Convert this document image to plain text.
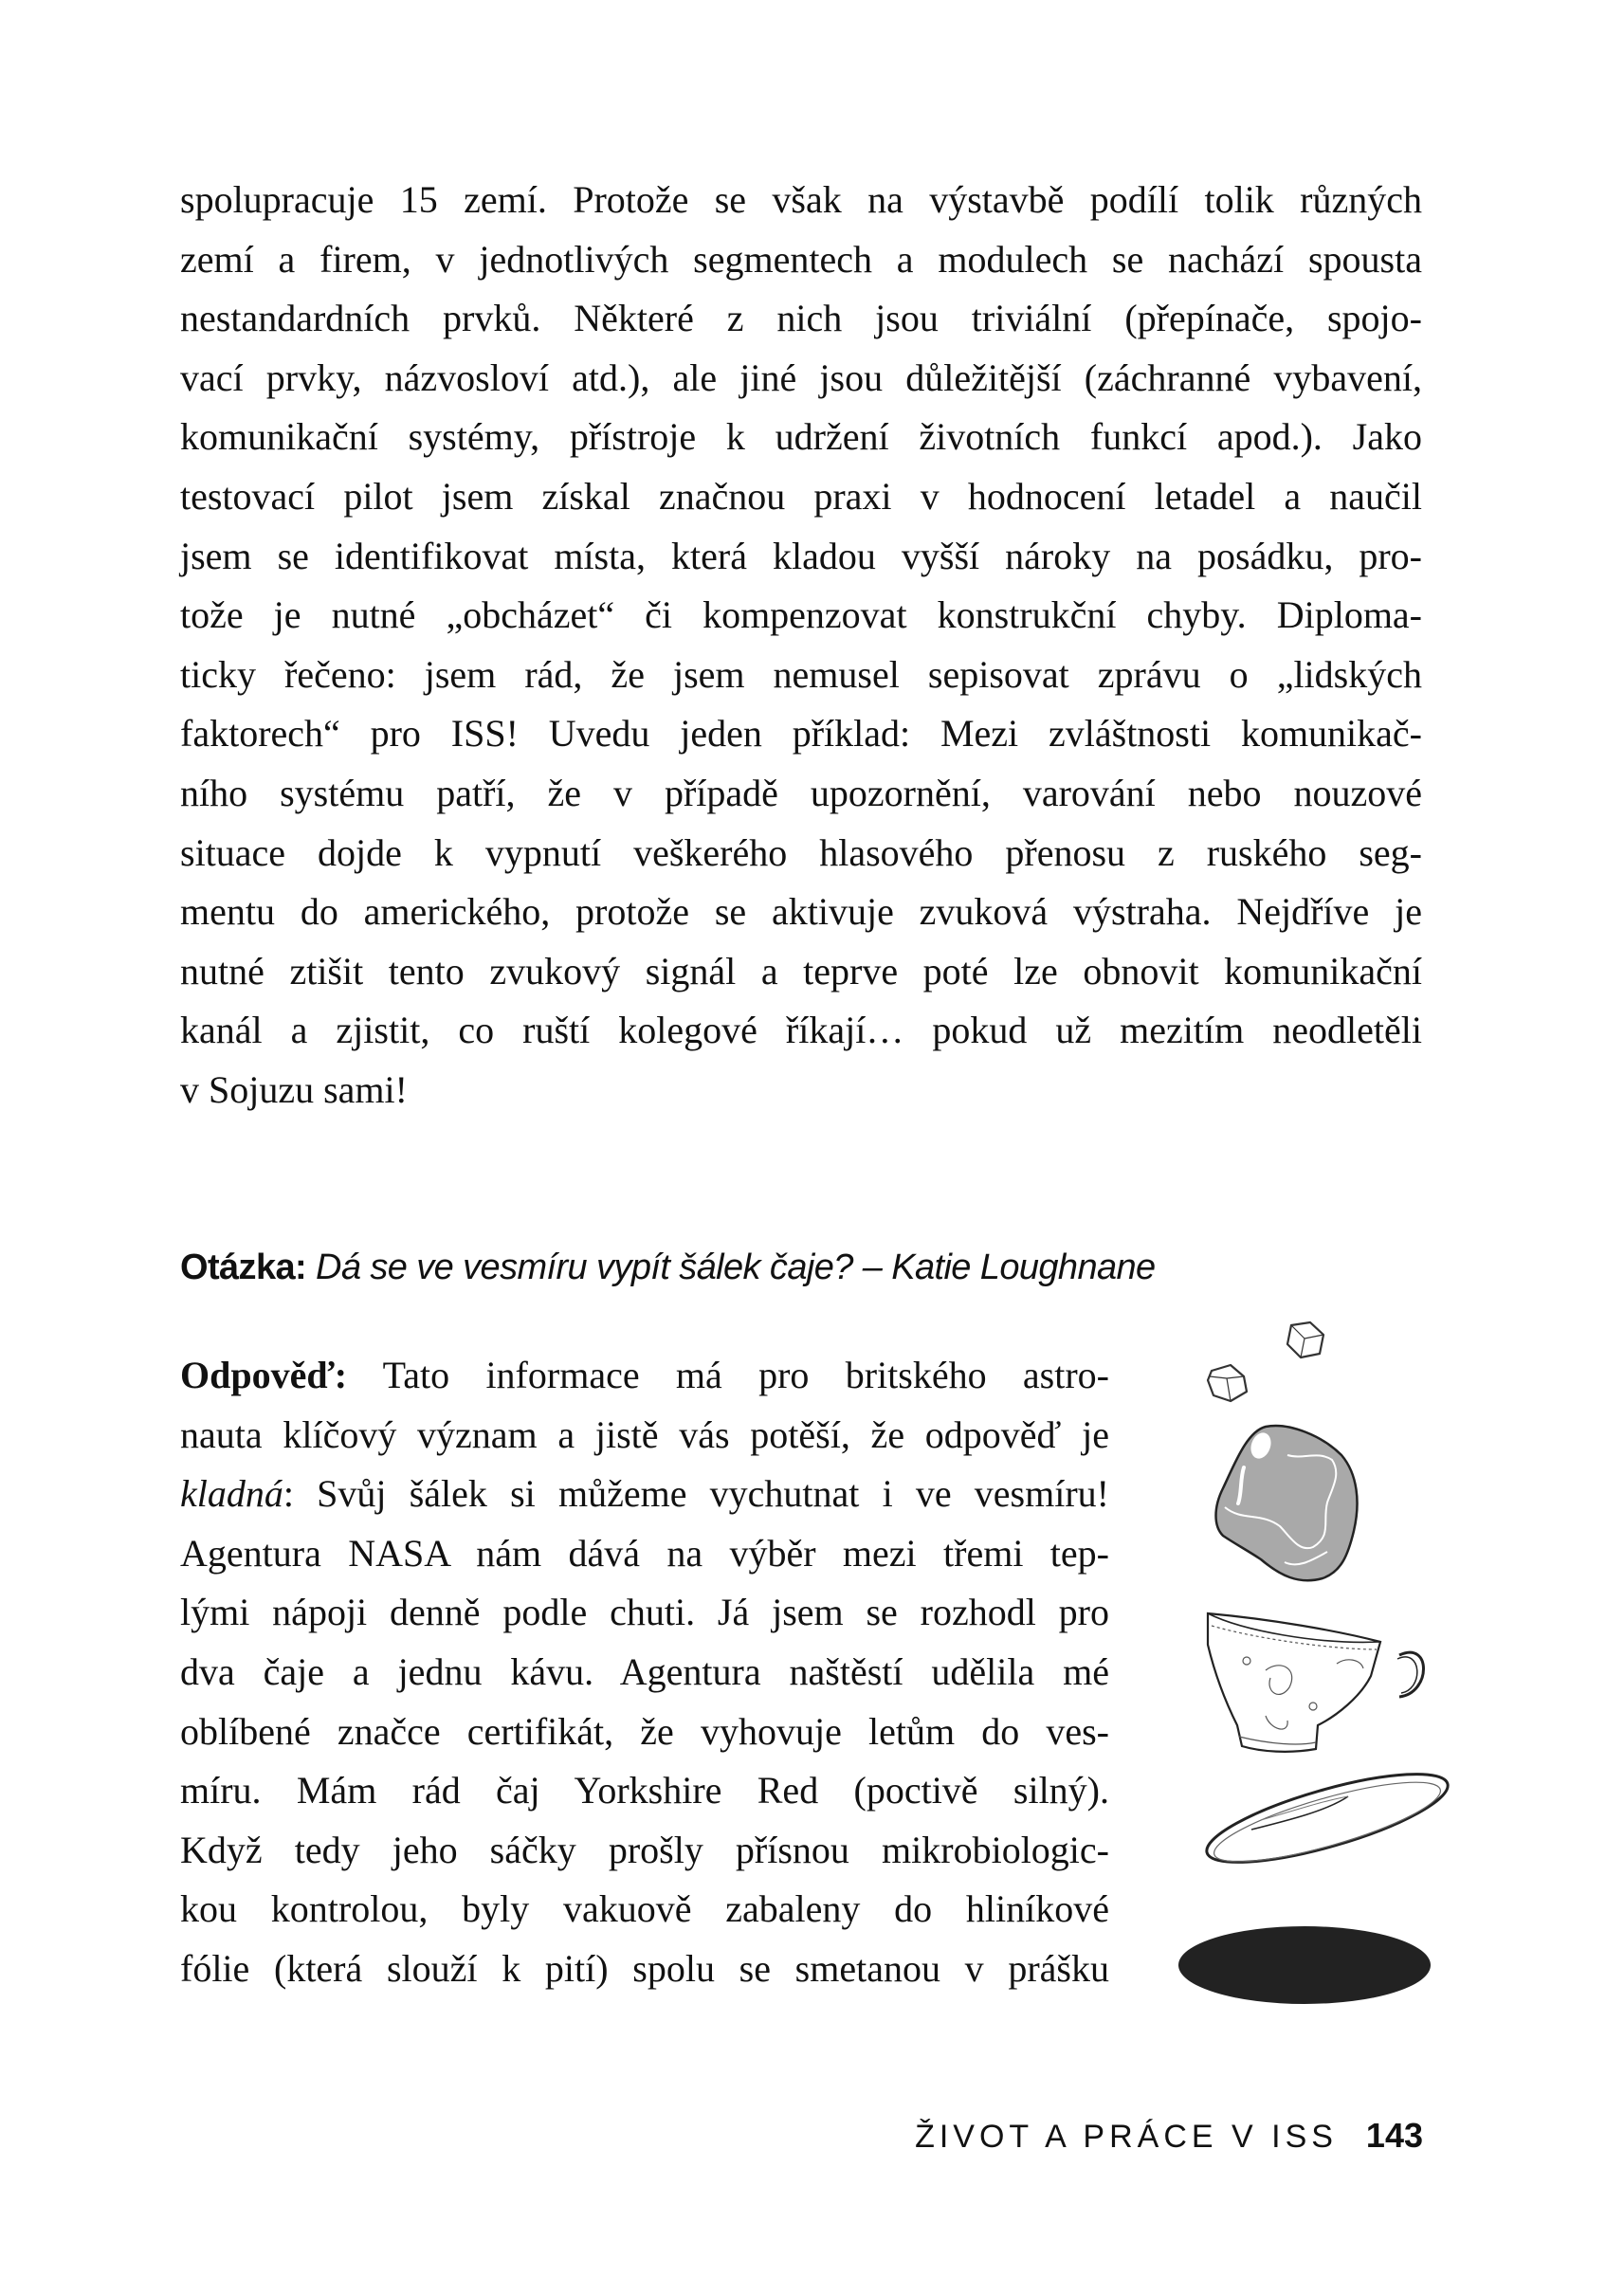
spolupracuje 15 zemí. Protože se však na výstavbě podílí tolik různých
zemí a firem, v jednotlivých segmentech a modulech se nachází spousta
nestandardních prvků. Některé z nich jsou triviální (přepínače, spojo-
vací prvky, názvosloví atd.), ale jiné jsou důležitější (záchranné vybavení,
komunikační systémy, přístroje k udržení životních funkcí apod.). Jako
testovací pilot jsem získal značnou praxi v hodnocení letadel a naučil
jsem se identifikovat místa, která kladou vyšší nároky na posádku, pro-
tože je nutné „obcházet“ či kompenzovat konstrukční chyby. Diploma-
ticky řečeno: jsem rád, že jsem nemusel sepisovat zprávu o „lidských
faktorech“ pro ISS! Uvedu jeden příklad: Mezi zvláštnosti komunikač-
ního systému patří, že v případě upozornění, varování nebo nouzové
situace dojde k vypnutí veškerého hlasového přenosu z ruského seg-
mentu do amerického, protože se aktivuje zvuková výstraha. Nejdříve je
nutné ztišit tento zvukový signál a teprve poté lze obnovit komunikační
kanál a zjistit, co ruští kolegové říkají… pokud už mezitím neodletěli
v Sojuzu sami!
Otázka: Dá se ve vesmíru vypít šálek čaje? – Katie Loughnane
Odpověď: Tato informace má pro britského astro-
nauta klíčový význam a jistě vás potěší, že odpověď je
kladná: Svůj šálek si můžeme vychutnat i ve vesmíru!
Agentura NASA nám dává na výběr mezi třemi tep-
lými nápoji denně podle chuti. Já jsem se rozhodl pro
dva čaje a jednu kávu. Agentura naštěstí udělila mé
oblíbené značce certifikát, že vyhovuje letům do ves-
míru. Mám rád čaj Yorkshire Red (poctivě silný).
Když tedy jeho sáčky prošly přísnou mikrobiologic-
kou kontrolou, byly vakuově zabaleny do hliníkové
fólie (která slouží k pití) spolu se smetanou v prášku
ŽIVOT A PRÁCE V ISS 143
